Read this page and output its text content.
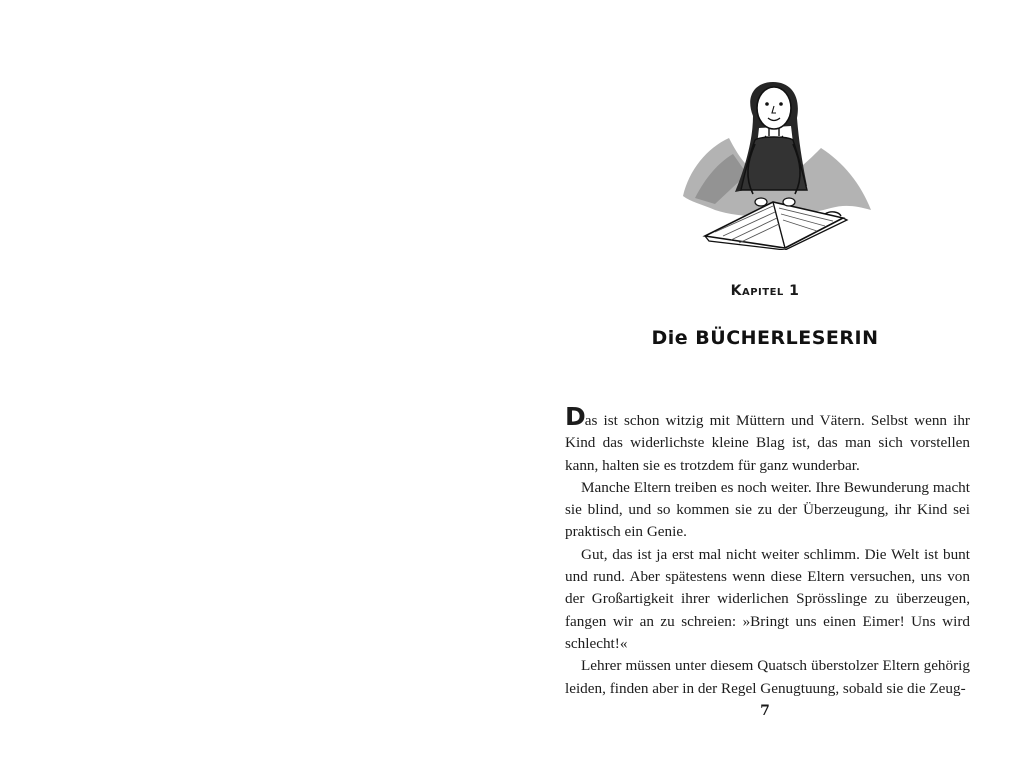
Kapitel 1
Die BÜCHERLESERIN

Das ist schon witzig mit Müttern und Vätern. Selbst wenn ihr Kind das widerlichste kleine Blag ist, das man sich vorstellen kann, halten sie es trotzdem für ganz wunderbar.

Manche Eltern treiben es noch weiter. Ihre Bewunderung macht sie blind, und so kommen sie zu der Überzeugung, ihr Kind sei praktisch ein Genie.

Gut, das ist ja erst mal nicht weiter schlimm. Die Welt ist bunt und rund. Aber spätestens wenn diese Eltern versuchen, uns von der Großartigkeit ihrer widerlichen Sprösslinge zu überzeugen, fangen wir an zu schreien: »Bringt uns einen Eimer! Uns wird schlecht!«

Lehrer müssen unter diesem Quatsch überstolzer Eltern gehörig leiden, finden aber in der Regel Genugtuung, sobald sie die Zeug-

7
